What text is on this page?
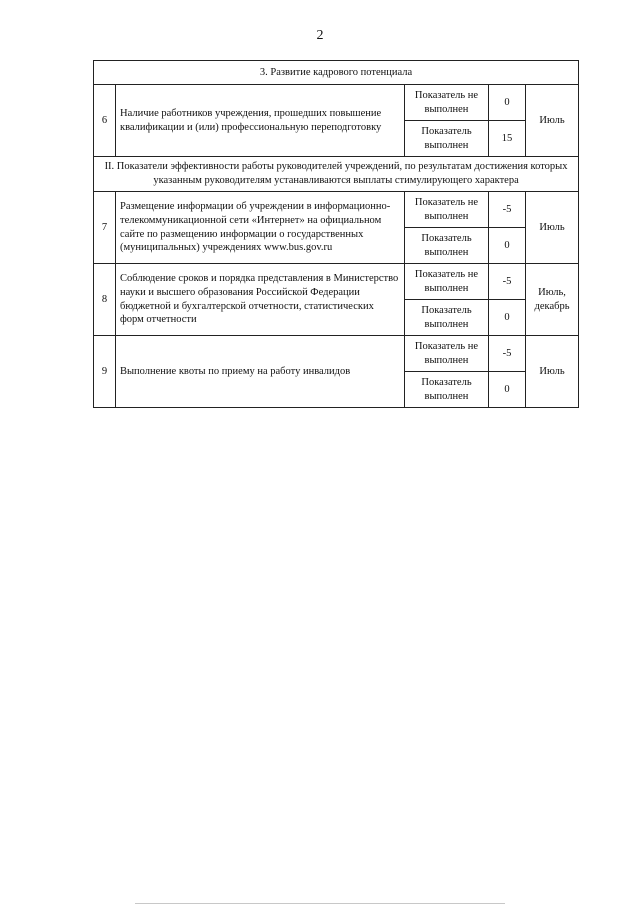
2
3. Развитие кадрового потенциала				
6	Наличие работников учреждения, прошедших повышение квалификации и (или) профессиональную переподготовку	Показатель не выполнен	0	Июль
		Показатель выполнен	15	
II. Показатели эффективности работы руководителей учреждений, по результатам достижения которых указанным руководителям устанавливаются выплаты стимулирующего характера				
7	Размещение информации об учреждении в информационно-телекоммуникационной сети «Интернет» на официальном сайте по размещению информации о государственных (муниципальных) учреждениях www.bus.gov.ru	Показатель не выполнен	-5	Июль
		Показатель выполнен	0	
8	Соблюдение сроков и порядка представления в Министерство науки и высшего образования Российской Федерации бюджетной и бухгалтерской отчетности, статистических форм отчетности	Показатель не выполнен	-5	Июль, декабрь
		Показатель выполнен	0	
9	Выполнение квоты по приему на работу инвалидов	Показатель не выполнен	-5	Июль
		Показатель выполнен	0	
